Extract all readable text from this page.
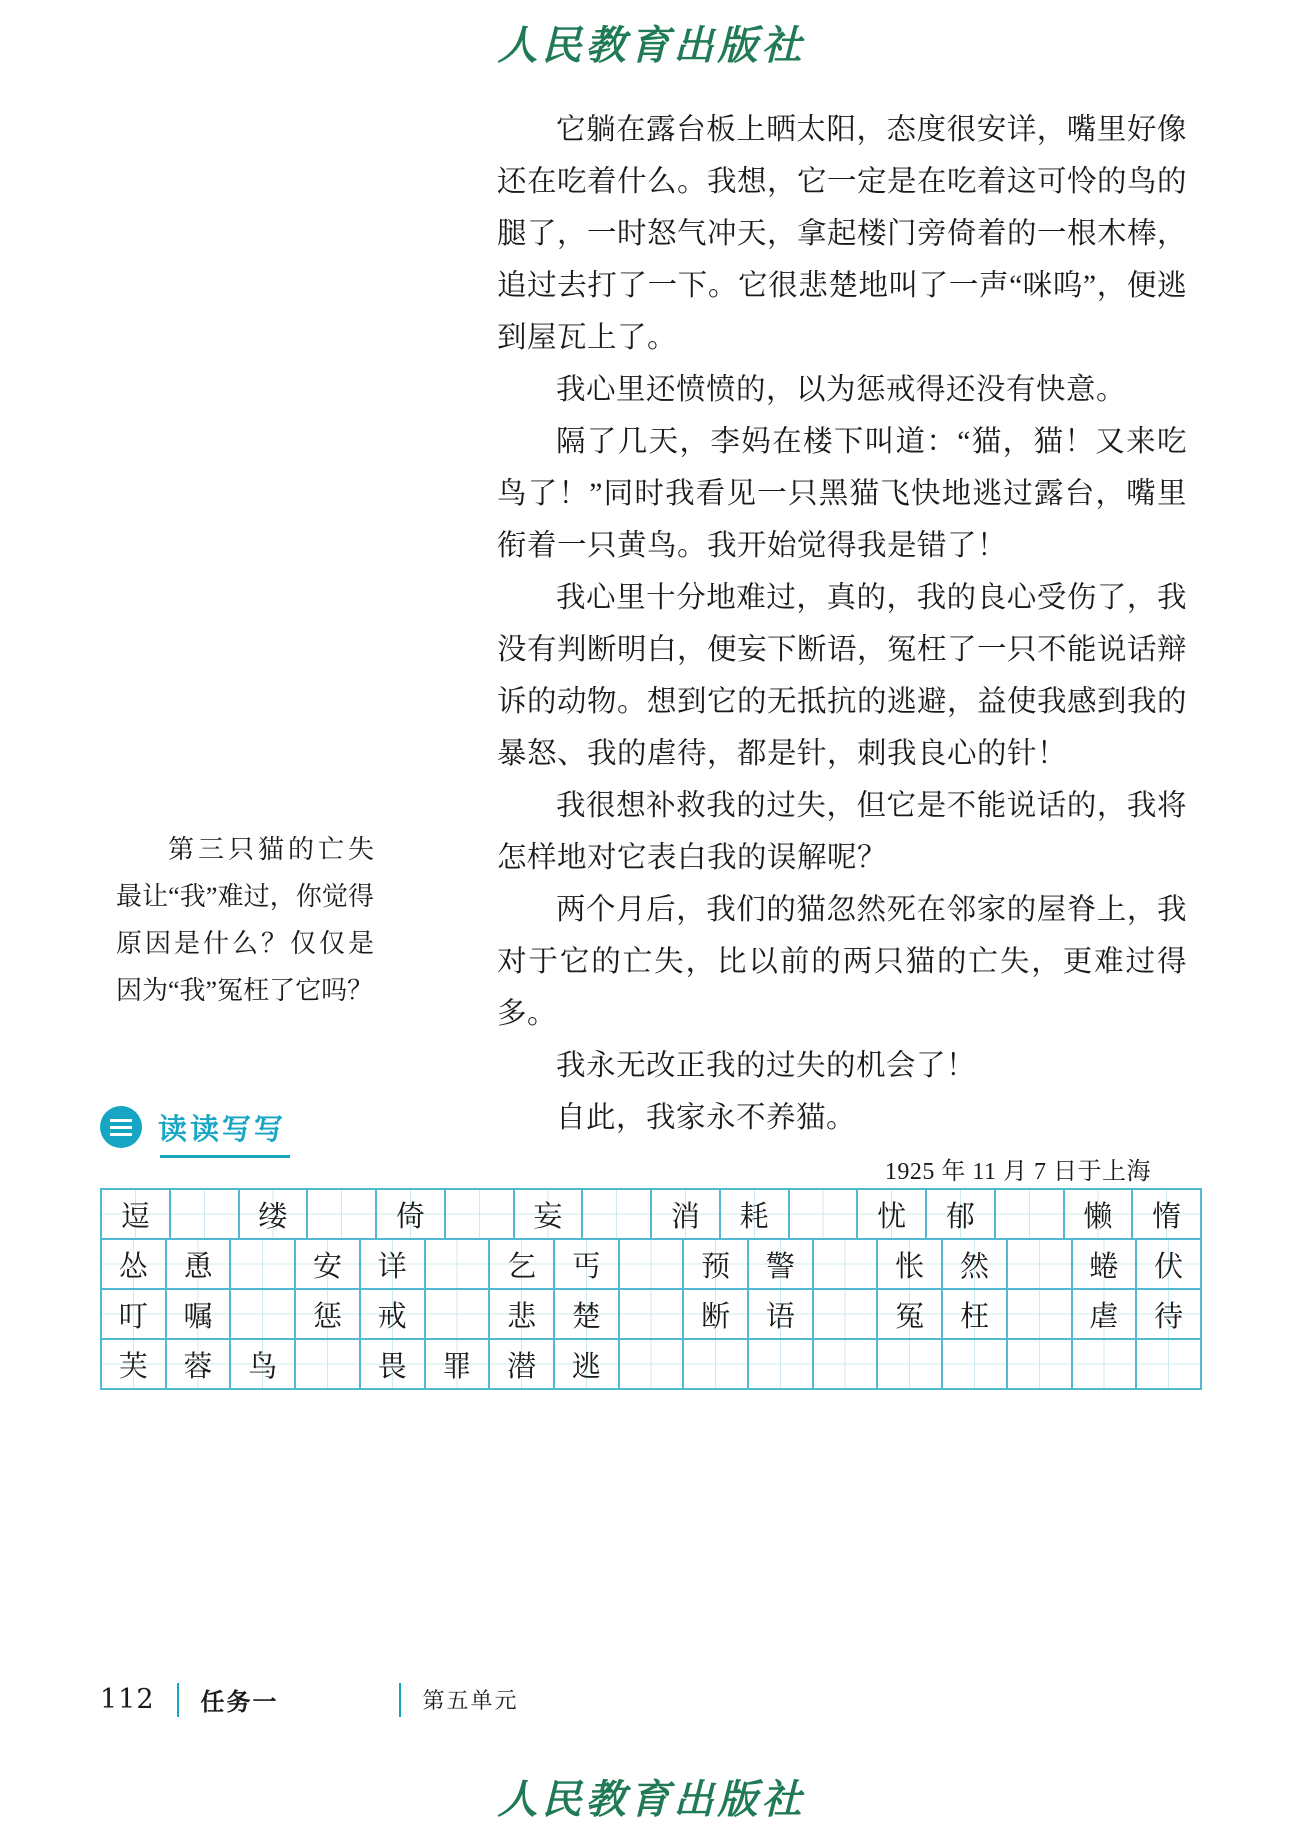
人民教育出版社

它躺在露台板上晒太阳，态度很安详，嘴里好像还在吃着什么。我想，它一定是在吃着这可怜的鸟的腿了，一时怒气冲天，拿起楼门旁倚着的一根木棒，追过去打了一下。它很悲楚地叫了一声“咪呜”，便逃到屋瓦上了。

我心里还愤愤的，以为惩戒得还没有快意。

隔了几天，李妈在楼下叫道：“猫，猫！又来吃鸟了！”同时我看见一只黑猫飞快地逃过露台，嘴里衔着一只黄鸟。我开始觉得我是错了！

我心里十分地难过，真的，我的良心受伤了，我没有判断明白，便妄下断语，冤枉了一只不能说话辩诉的动物。想到它的无抵抗的逃避，益使我感到我的暴怒、我的虐待，都是针，刺我良心的针！

我很想补救我的过失，但它是不能说话的，我将怎样地对它表白我的误解呢？

两个月后，我们的猫忽然死在邻家的屋脊上，我对于它的亡失，比以前的两只猫的亡失，更难过得多。

我永无改正我的过失的机会了！

自此，我家永不养猫。

1925 年 11 月 7 日于上海
第三只猫的亡失最让“我”难过，你觉得原因是什么？仅仅是因为“我”冤枉了它吗？
读读写写
逗	缕	倚	妄	消	耗	忧	郁	懒	惰
怂	恿	安	详	乞	丐	预	警	怅	然	蜷	伏
叮	嘱	惩	戒	悲	楚	断	语	冤	枉	虐	待
芙	蓉	鸟	畏	罪	潜	逃
112 任务一	第五单元
人民教育出版社
